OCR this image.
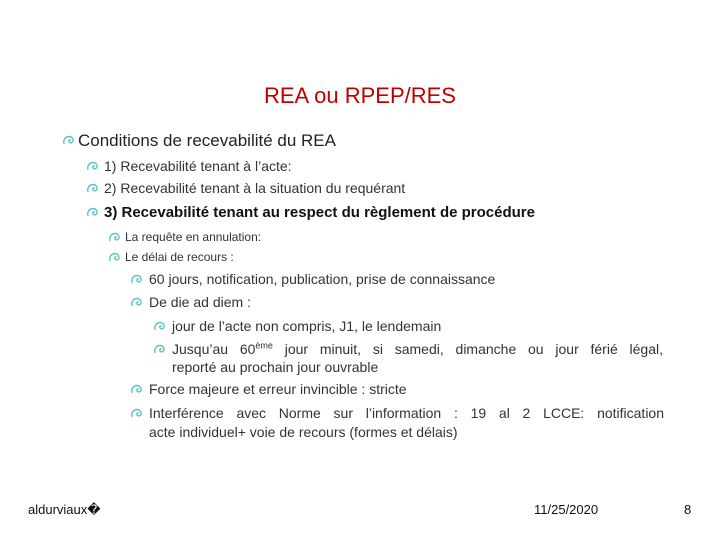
REA ou RPEP/RES
Conditions de recevabilité du REA
1) Recevabilité tenant à l’acte:
2) Recevabilité tenant à la situation du requérant
3) Recevabilité tenant au respect du règlement de procédure
La requête en annulation:
Le délai de recours :
60 jours, notification, publication, prise de connaissance
De die ad diem :
jour de l’acte non compris, J1, le lendemain
Jusqu’au 60ème jour minuit, si samedi, dimanche ou jour férié légal,
reporté au prochain jour ouvrable
Force majeure et erreur invincible : stricte
Interférence avec Norme sur l’information : 19 al 2 LCCE: notification
acte individuel+ voie de recours (formes et délais)
aldurviaux�	11/25/2020	8
